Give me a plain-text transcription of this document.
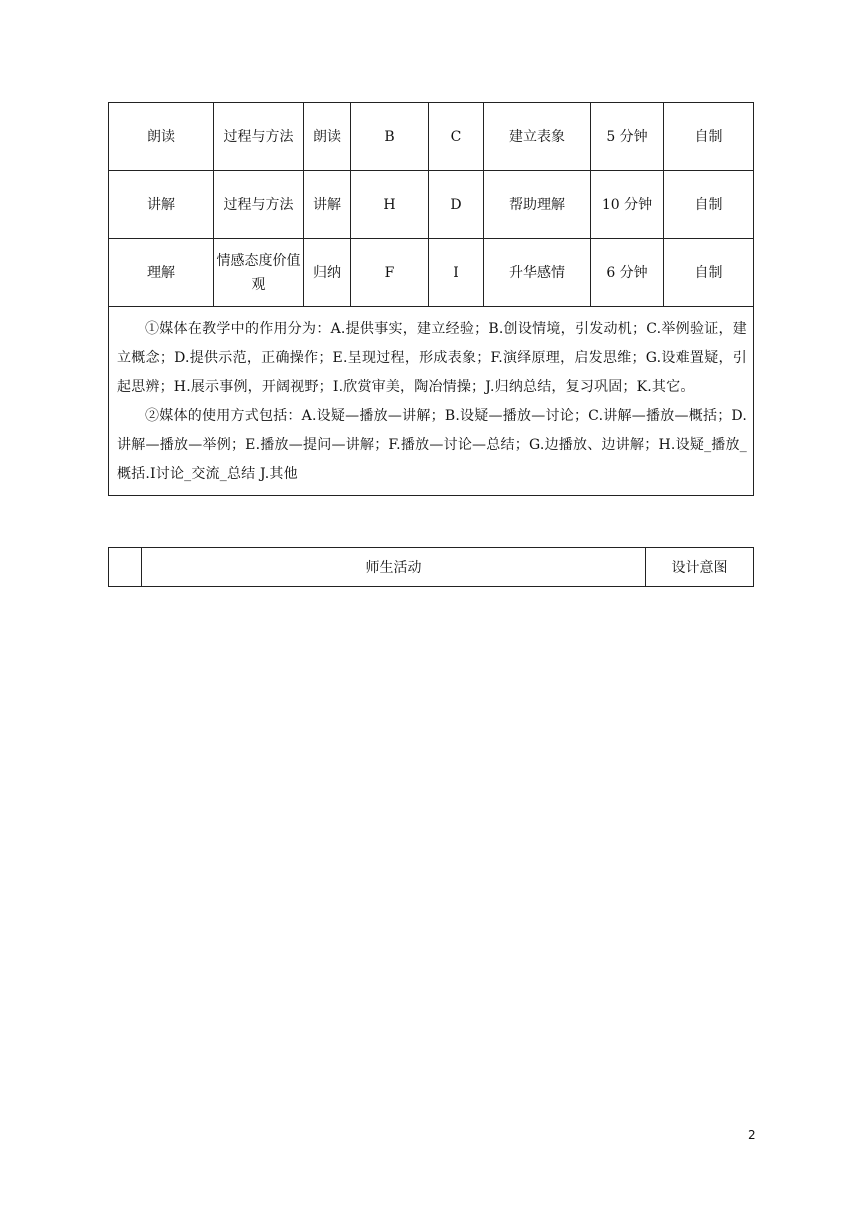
朗读	过程与方法	朗读	B	C	建立表象	5 分钟	自制
讲解	过程与方法	讲解	H	D	帮助理解	10 分钟	自制
理解	情感态度价值观	归纳	F	I	升华感情	6 分钟	自制

①媒体在教学中的作用分为：A.提供事实，建立经验；B.创设情境，引发动机；C.举例验证，建立概念；D.提供示范，正确操作；E.呈现过程，形成表象；F.演绎原理，启发思维；G.设难置疑，引起思辨；H.展示事例，开阔视野；I.欣赏审美，陶冶情操；J.归纳总结，复习巩固；K.其它。

②媒体的使用方式包括：A.设疑—播放—讲解；B.设疑—播放—讨论；C.讲解—播放—概括；D.讲解—播放—举例；E.播放—提问—讲解；F.播放—讨论—总结；G.边播放、边讲解；H.设疑_播放_概括.I讨论_交流_总结 J.其他							

	师生活动	设计意图
2
